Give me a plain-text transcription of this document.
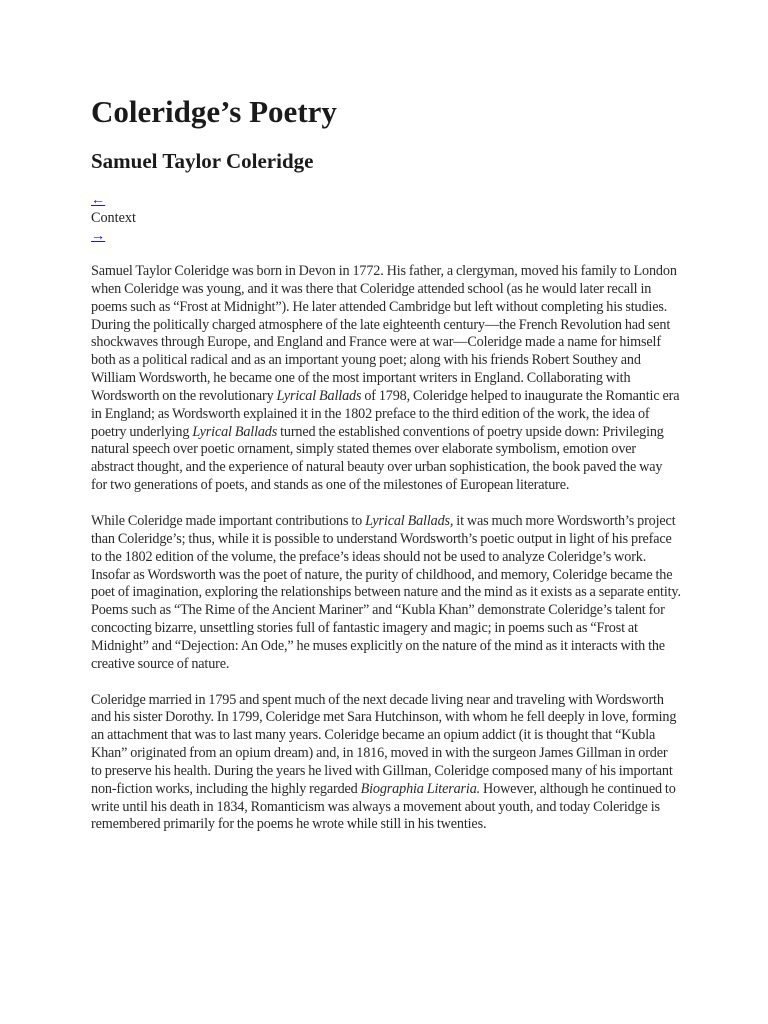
Coleridge’s Poetry
Samuel Taylor Coleridge
←
Context
→

Samuel Taylor Coleridge was born in Devon in 1772. His father, a clergyman, moved his family to London when Coleridge was young, and it was there that Coleridge attended school (as he would later recall in poems such as “Frost at Midnight”). He later attended Cambridge but left without completing his studies. During the politically charged atmosphere of the late eighteenth century—the French Revolution had sent shockwaves through Europe, and England and France were at war—Coleridge made a name for himself both as a political radical and as an important young poet; along with his friends Robert Southey and William Wordsworth, he became one of the most important writers in England. Collaborating with Wordsworth on the revolutionary Lyrical Ballads of 1798, Coleridge helped to inaugurate the Romantic era in England; as Wordsworth explained it in the 1802 preface to the third edition of the work, the idea of poetry underlying Lyrical Ballads turned the established conventions of poetry upside down: Privileging natural speech over poetic ornament, simply stated themes over elaborate symbolism, emotion over abstract thought, and the experience of natural beauty over urban sophistication, the book paved the way for two generations of poets, and stands as one of the milestones of European literature.

While Coleridge made important contributions to Lyrical Ballads, it was much more Wordsworth’s project than Coleridge’s; thus, while it is possible to understand Wordsworth’s poetic output in light of his preface to the 1802 edition of the volume, the preface’s ideas should not be used to analyze Coleridge’s work. Insofar as Wordsworth was the poet of nature, the purity of childhood, and memory, Coleridge became the poet of imagination, exploring the relationships between nature and the mind as it exists as a separate entity. Poems such as “The Rime of the Ancient Mariner” and “Kubla Khan” demonstrate Coleridge’s talent for concocting bizarre, unsettling stories full of fantastic imagery and magic; in poems such as “Frost at Midnight” and “Dejection: An Ode,” he muses explicitly on the nature of the mind as it interacts with the creative source of nature.

Coleridge married in 1795 and spent much of the next decade living near and traveling with Wordsworth and his sister Dorothy. In 1799, Coleridge met Sara Hutchinson, with whom he fell deeply in love, forming an attachment that was to last many years. Coleridge became an opium addict (it is thought that “Kubla Khan” originated from an opium dream) and, in 1816, moved in with the surgeon James Gillman in order to preserve his health. During the years he lived with Gillman, Coleridge composed many of his important non-fiction works, including the highly regarded Biographia Literaria. However, although he continued to write until his death in 1834, Romanticism was always a movement about youth, and today Coleridge is remembered primarily for the poems he wrote while still in his twenties.
